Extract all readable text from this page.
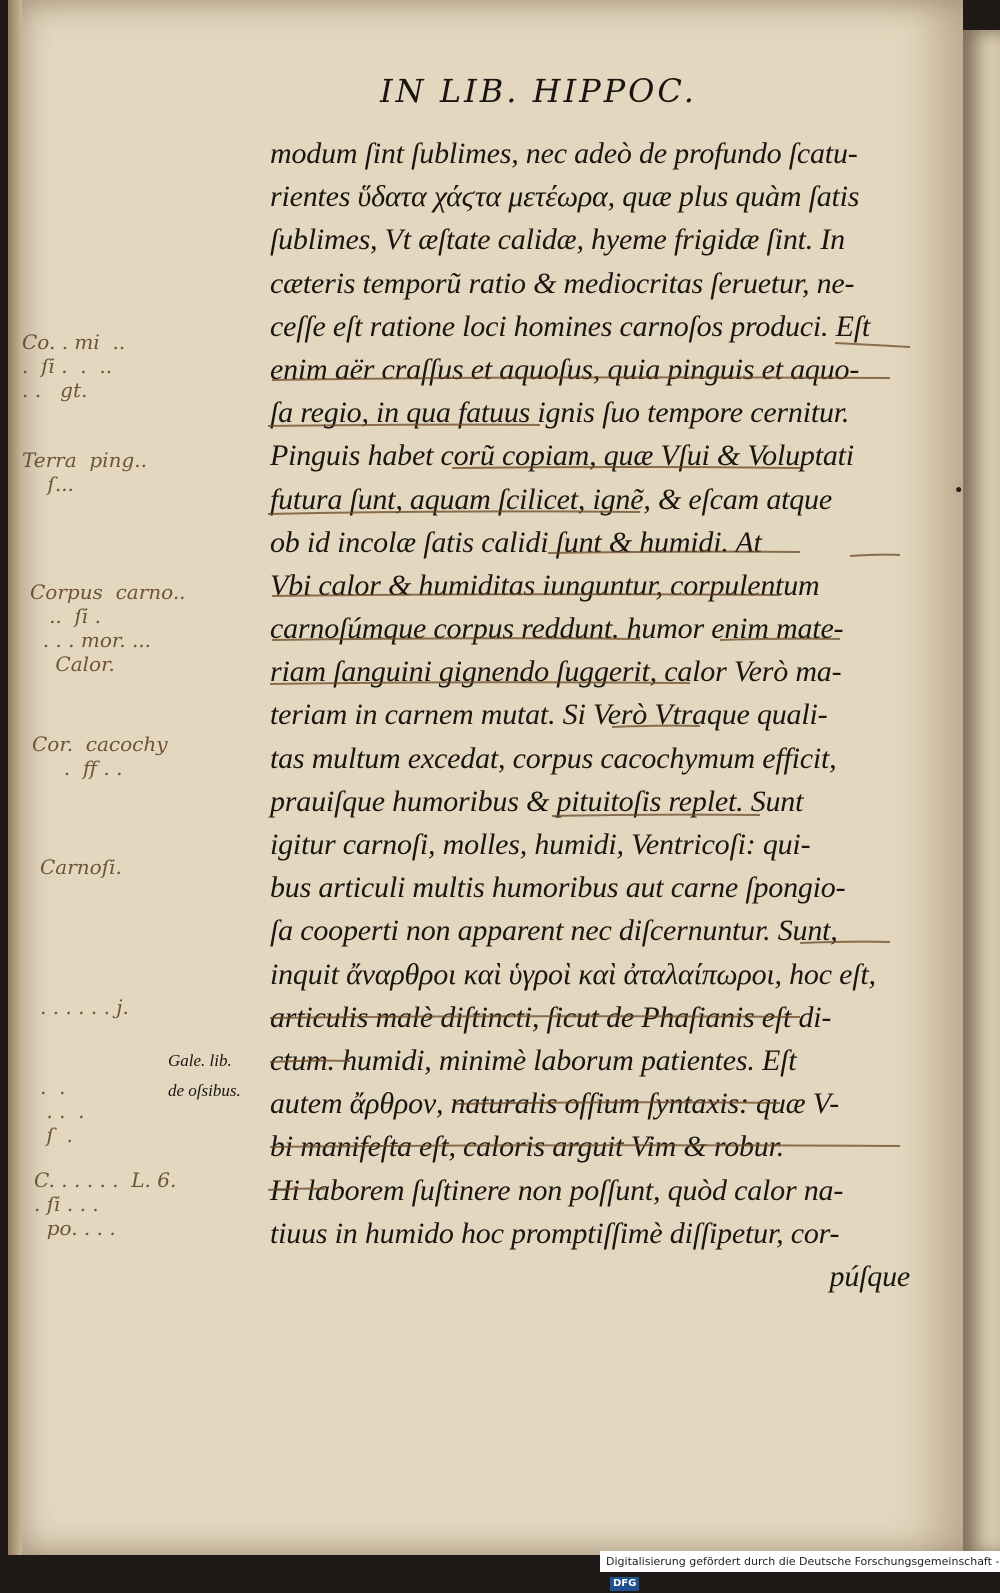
IN LIB. HIPPOC.
modum ſint ſublimes, nec adeò de profundo ſcatu-
rientes ὕδατα χάϛτα μετέωρα, quæ plus quàm ſatis
ſublimes, Vt æſtate calidæ, hyeme frigidæ ſint. In
cæteris temporũ ratio & mediocritas ſeruetur, ne-
ceſſe eſt ratione loci homines carnoſos produci. Eſt
enim aër craſſus et aquoſus, quia pinguis et aquo-
ſa regio, in qua fatuus ignis ſuo tempore cernitur.
Pinguis habet corũ copiam, quæ Vſui & Voluptati
futura ſunt, aquam ſcilicet, ignẽ, & eſcam atque
ob id incolæ ſatis calidi ſunt & humidi. At
Vbi calor & humiditas iunguntur, corpulentum
carnoſúmque corpus reddunt. humor enim mate-
riam ſanguini gignendo ſuggerit, calor Verò ma-
teriam in carnem mutat. Si Verò Vtraque quali-
tas multum excedat, corpus cacochymum efficit,
prauiſque humoribus & pituitoſis replet. Sunt
igitur carnoſi, molles, humidi, Ventricoſi: qui-
bus articuli multis humoribus aut carne ſpongio-
ſa cooperti non apparent nec diſcernuntur. Sunt,
inquit ἄναρθροι καὶ ὑγροὶ καὶ ἀταλαίπωροι, hoc eſt,
articulis malè diſtincti, ſicut de Phaſianis eſt di-
ctum. humidi, minimè laborum patientes. Eſt
autem ἄρθρον, naturalis oſſium ſyntaxis: quæ V-
bi manifeſta eſt, caloris arguit Vim & robur.
Hi laborem ſuſtinere non poſſunt, quòd calor na-
tiuus in humido hoc promptiſſimè diſſipetur, cor-
púſque
Gale. lib.
de oſsibus.
Co. . mi  ..
.  ſi .  .  ..
. .   gt.
Terra  ping..
ſ...
Corpus  carno..
..  ſi .
. . . mor. ...
Calor.
Cor.  cacochy
.  ff . .
Carnoſi.
. . . . . . j.
.  .
. .  .
ſ  .
C. . . . . .  L. 6.
. ſi . . .
po. . . .
•
Digitalisierung gefördert durch die Deutsche Forschungsgemeinschaft - DFG
